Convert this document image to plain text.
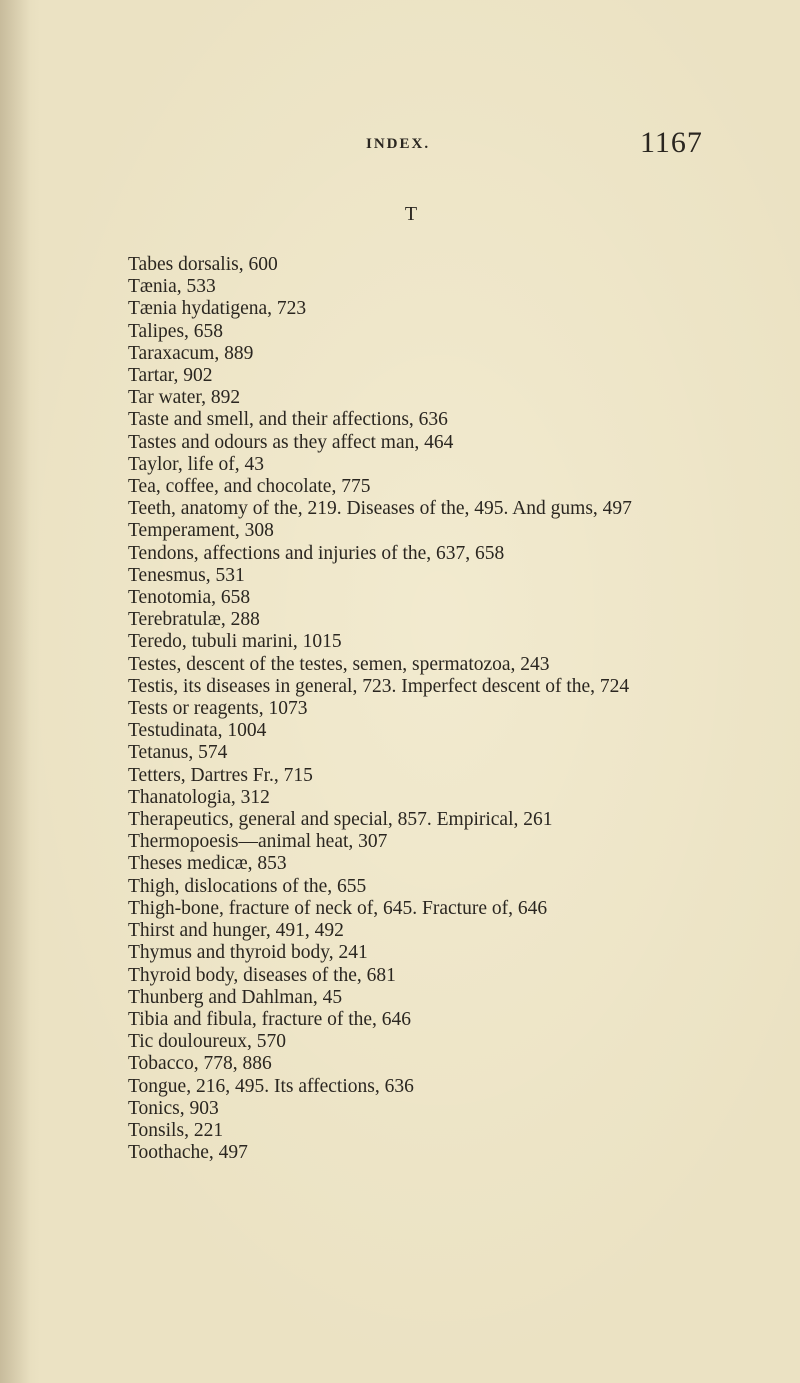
INDEX.	1167
T
Tabes dorsalis, 600
Tænia, 533
Tænia hydatigena, 723
Talipes, 658
Taraxacum, 889
Tartar, 902
Tar water, 892
Taste and smell, and their affections, 636
Tastes and odours as they affect man, 464
Taylor, life of, 43
Tea, coffee, and chocolate, 775
Teeth, anatomy of the, 219. Diseases of the, 495. And gums, 497
Temperament, 308
Tendons, affections and injuries of the, 637, 658
Tenesmus, 531
Tenotomia, 658
Terebratulæ, 288
Teredo, tubuli marini, 1015
Testes, descent of the testes, semen, spermatozoa, 243
Testis, its diseases in general, 723. Imperfect descent of the, 724
Tests or reagents, 1073
Testudinata, 1004
Tetanus, 574
Tetters, Dartres Fr., 715
Thanatologia, 312
Therapeutics, general and special, 857. Empirical, 261
Thermopoesis—animal heat, 307
Theses medicæ, 853
Thigh, dislocations of the, 655
Thigh-bone, fracture of neck of, 645. Fracture of, 646
Thirst and hunger, 491, 492
Thymus and thyroid body, 241
Thyroid body, diseases of the, 681
Thunberg and Dahlman, 45
Tibia and fibula, fracture of the, 646
Tic douloureux, 570
Tobacco, 778, 886
Tongue, 216, 495. Its affections, 636
Tonics, 903
Tonsils, 221
Toothache, 497
